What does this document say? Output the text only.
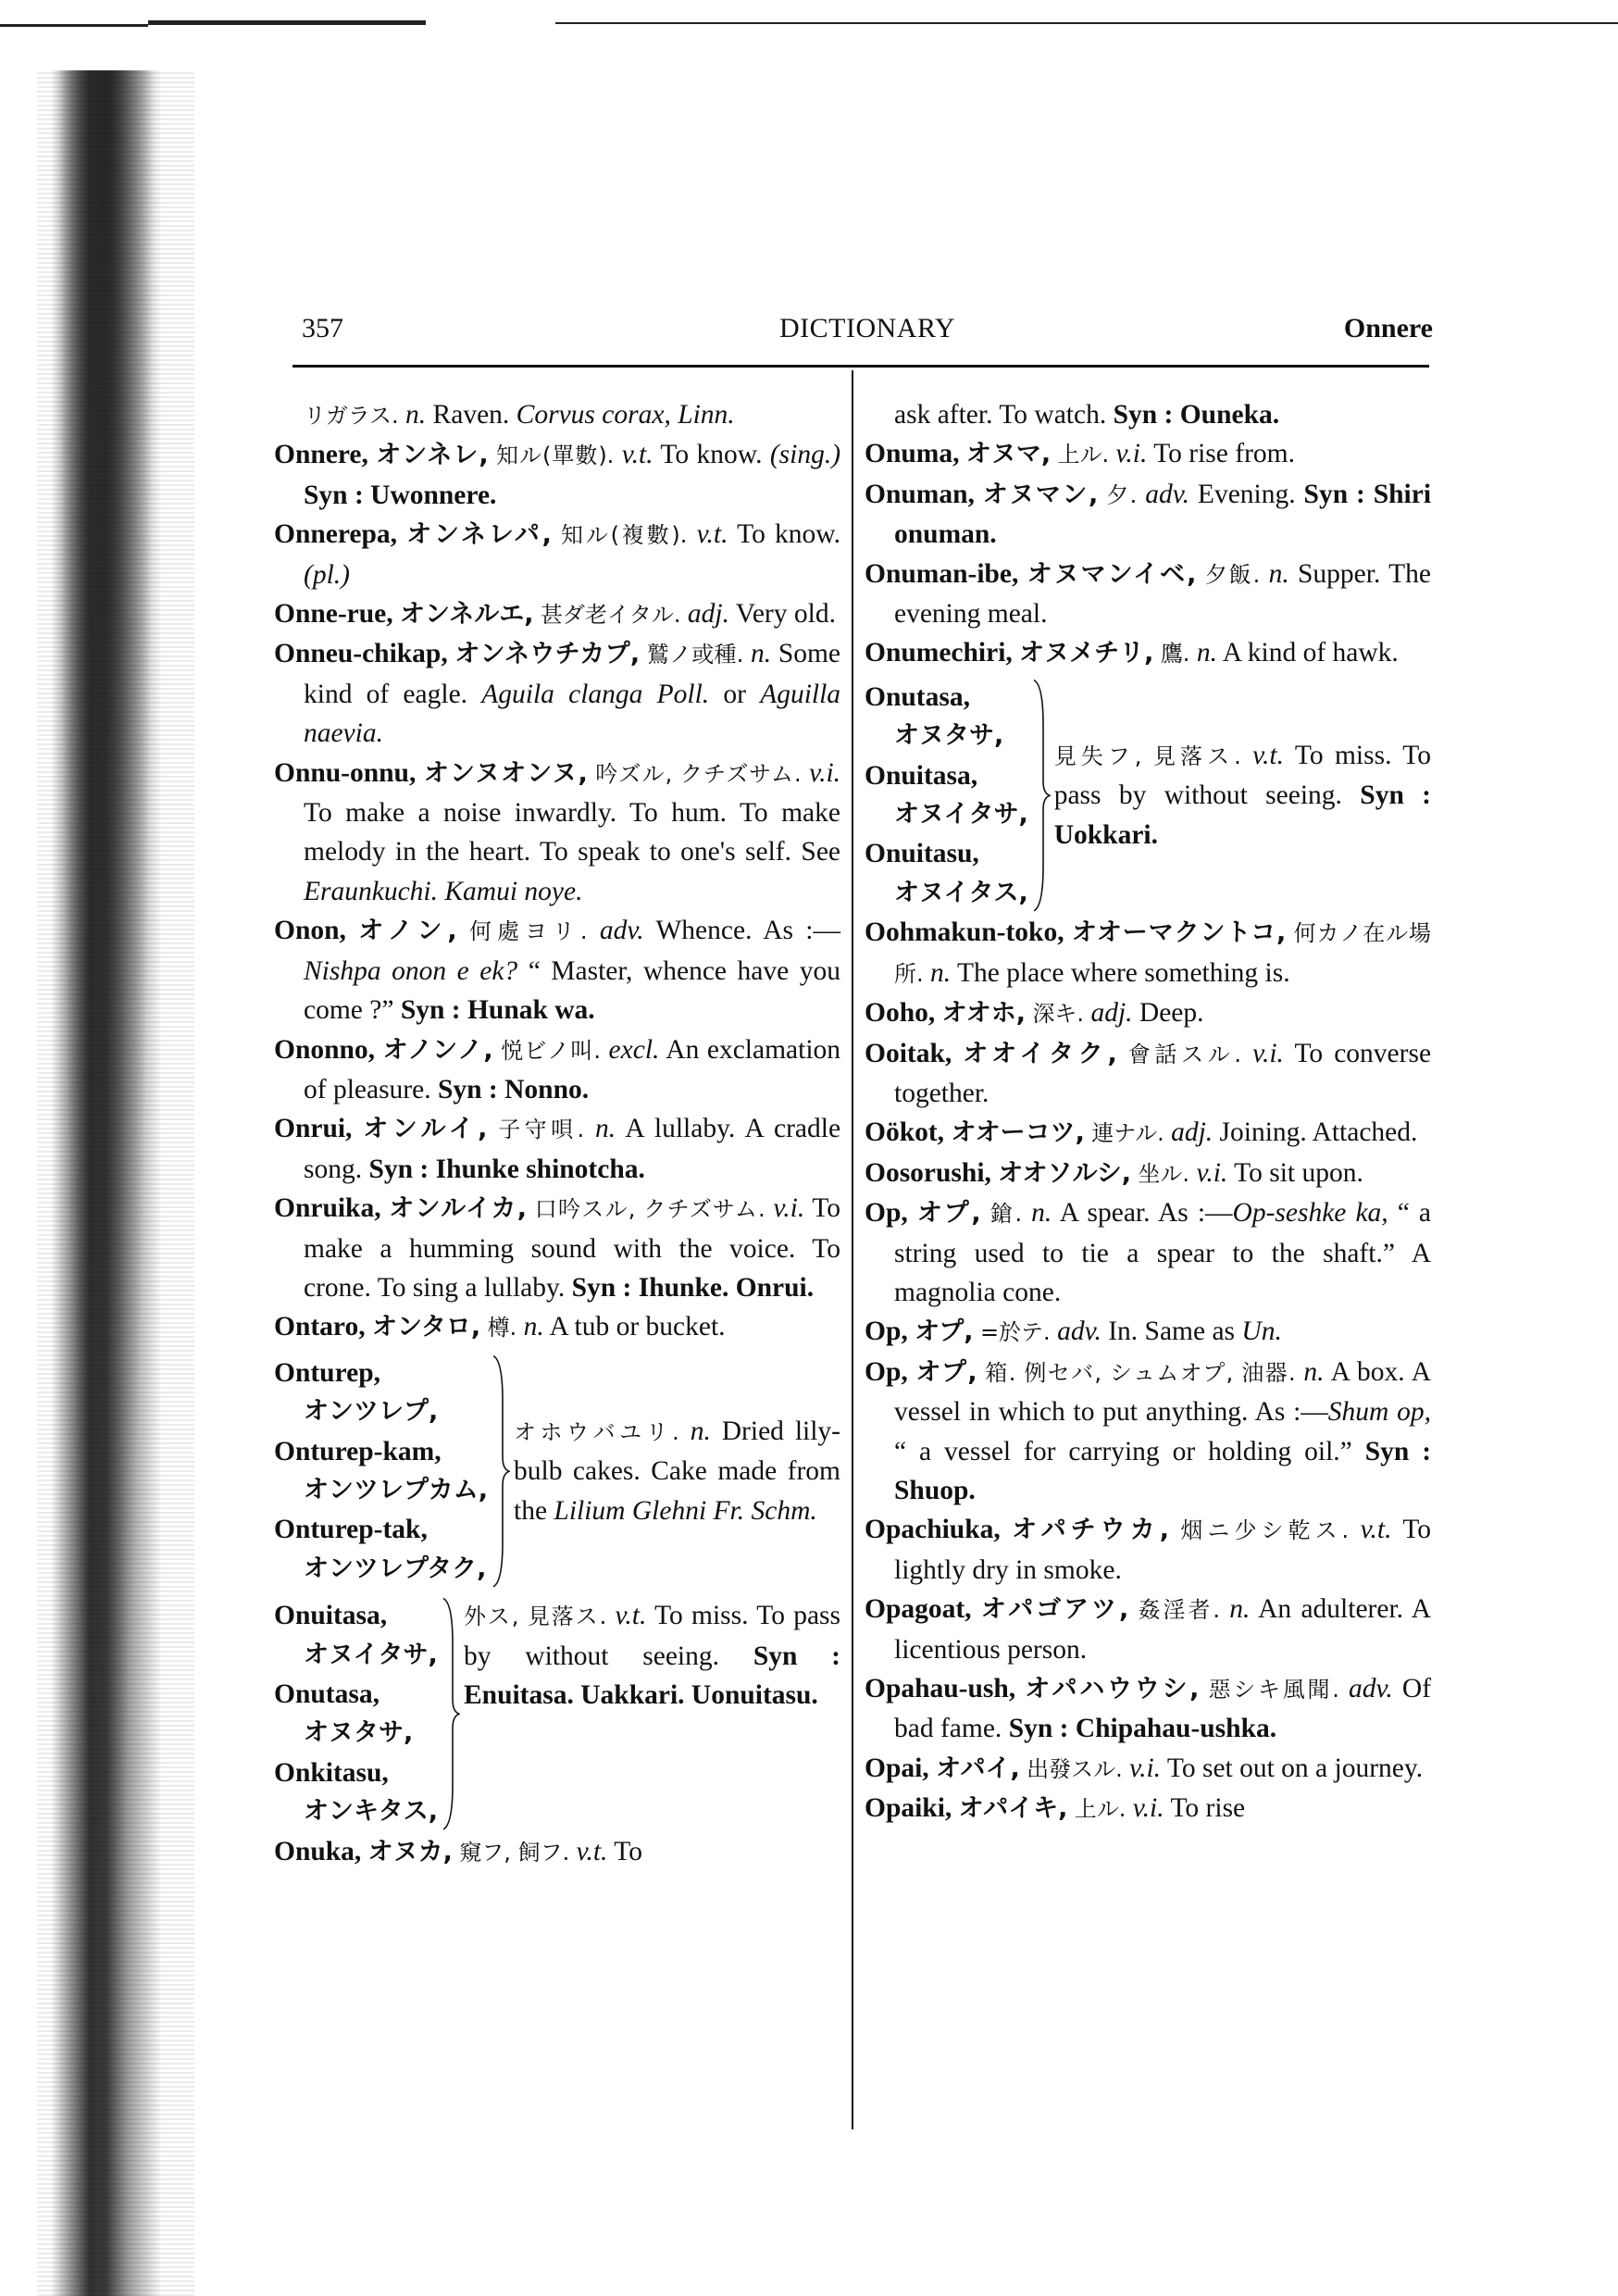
357	DICTIONARY	Onnere
リガラス. n. Raven. Corvus corax, Linn.
Onnere, オンネレ, 知ル(單數). v.t. To know. (sing.) Syn : Uwonnere.
Onnerepa, オンネレパ, 知ル(複數). v.t. To know. (pl.)
Onne-rue, オンネルエ, 甚ダ老イタル. adj. Very old.
Onneu-chikap, オンネウチカプ, 鷲ノ或種. n. Some kind of eagle. Aguila clanga Poll. or Aguilla naevia.
Onnu-onnu, オンヌオンヌ, 吟ズル, クチズサム. v.i. To make a noise inwardly. To hum. To make melody in the heart. To speak to one's self. See Eraunkuchi. Kamui noye.
Onon, オノン, 何處ヨリ. adv. Whence. As :—Nishpa onon e ek? “ Master, whence have you come ?” Syn : Hunak wa.
Ononno, オノンノ, 悦ビノ叫. excl. An exclamation of pleasure. Syn : Nonno.
Onrui, オンルイ, 子守唄. n. A lullaby. A cradle song. Syn : Ihunke shinotcha.
Onruika, オンルイカ, 口吟スル, クチズサム. v.i. To make a humming sound with the voice. To crone. To sing a lullaby. Syn : Ihunke. Onrui.
Ontaro, オンタロ, 樽. n. A tub or bucket.
Onturep,
オンツレプ,
Onturep-kam,
オンツレプカム,
Onturep-tak,
オンツレプタク,
オホウバユリ. n. Dried lily-bulb cakes. Cake made from the Lilium Glehni Fr. Schm.
Onuitasa,
オヌイタサ,
Onutasa,
オヌタサ,
Onkitasu,
オンキタス,
外ス, 見落ス. v.t. To miss. To pass by without seeing. Syn : Enuitasa. Uakkari. Uonuitasu.
Onuka, オヌカ, 窺フ, 飼フ. v.t. To
ask after. To watch. Syn : Ouneka.
Onuma, オヌマ, 上ル. v.i. To rise from.
Onuman, オヌマン, 夕. adv. Evening. Syn : Shiri onuman.
Onuman-ibe, オヌマンイベ, 夕飯. n. Supper. The evening meal.
Onumechiri, オヌメチリ, 鷹. n. A kind of hawk.
Onutasa,
オヌタサ,
Onuitasa,
オヌイタサ,
Onuitasu,
オヌイタス,
見失フ, 見落ス. v.t. To miss. To pass by without seeing. Syn : Uokkari.
Oohmakun-toko, オオーマクントコ, 何カノ在ル場所. n. The place where something is.
Ooho, オオホ, 深キ. adj. Deep.
Ooitak, オオイタク, 會話スル. v.i. To converse together.
Oökot, オオーコツ, 連ナル. adj. Joining. Attached.
Oosorushi, オオソルシ, 坐ル. v.i. To sit upon.
Op, オプ, 鎗. n. A spear. As :—Op-seshke ka, “ a string used to tie a spear to the shaft.” A magnolia cone.
Op, オプ, =於テ. adv. In. Same as Un.
Op, オプ, 箱. 例セバ, シュムオプ, 油器. n. A box. A vessel in which to put anything. As :—Shum op, “ a vessel for carrying or holding oil.” Syn : Shuop.
Opachiuka, オパチウカ, 烟ニ少シ乾ス. v.t. To lightly dry in smoke.
Opagoat, オパゴアツ, 姦淫者. n. An adulterer. A licentious person.
Opahau-ush, オパハウウシ, 惡シキ風聞. adv. Of bad fame. Syn : Chipahau-ushka.
Opai, オパイ, 出發スル. v.i. To set out on a journey.
Opaiki, オパイキ, 上ル. v.i. To rise
